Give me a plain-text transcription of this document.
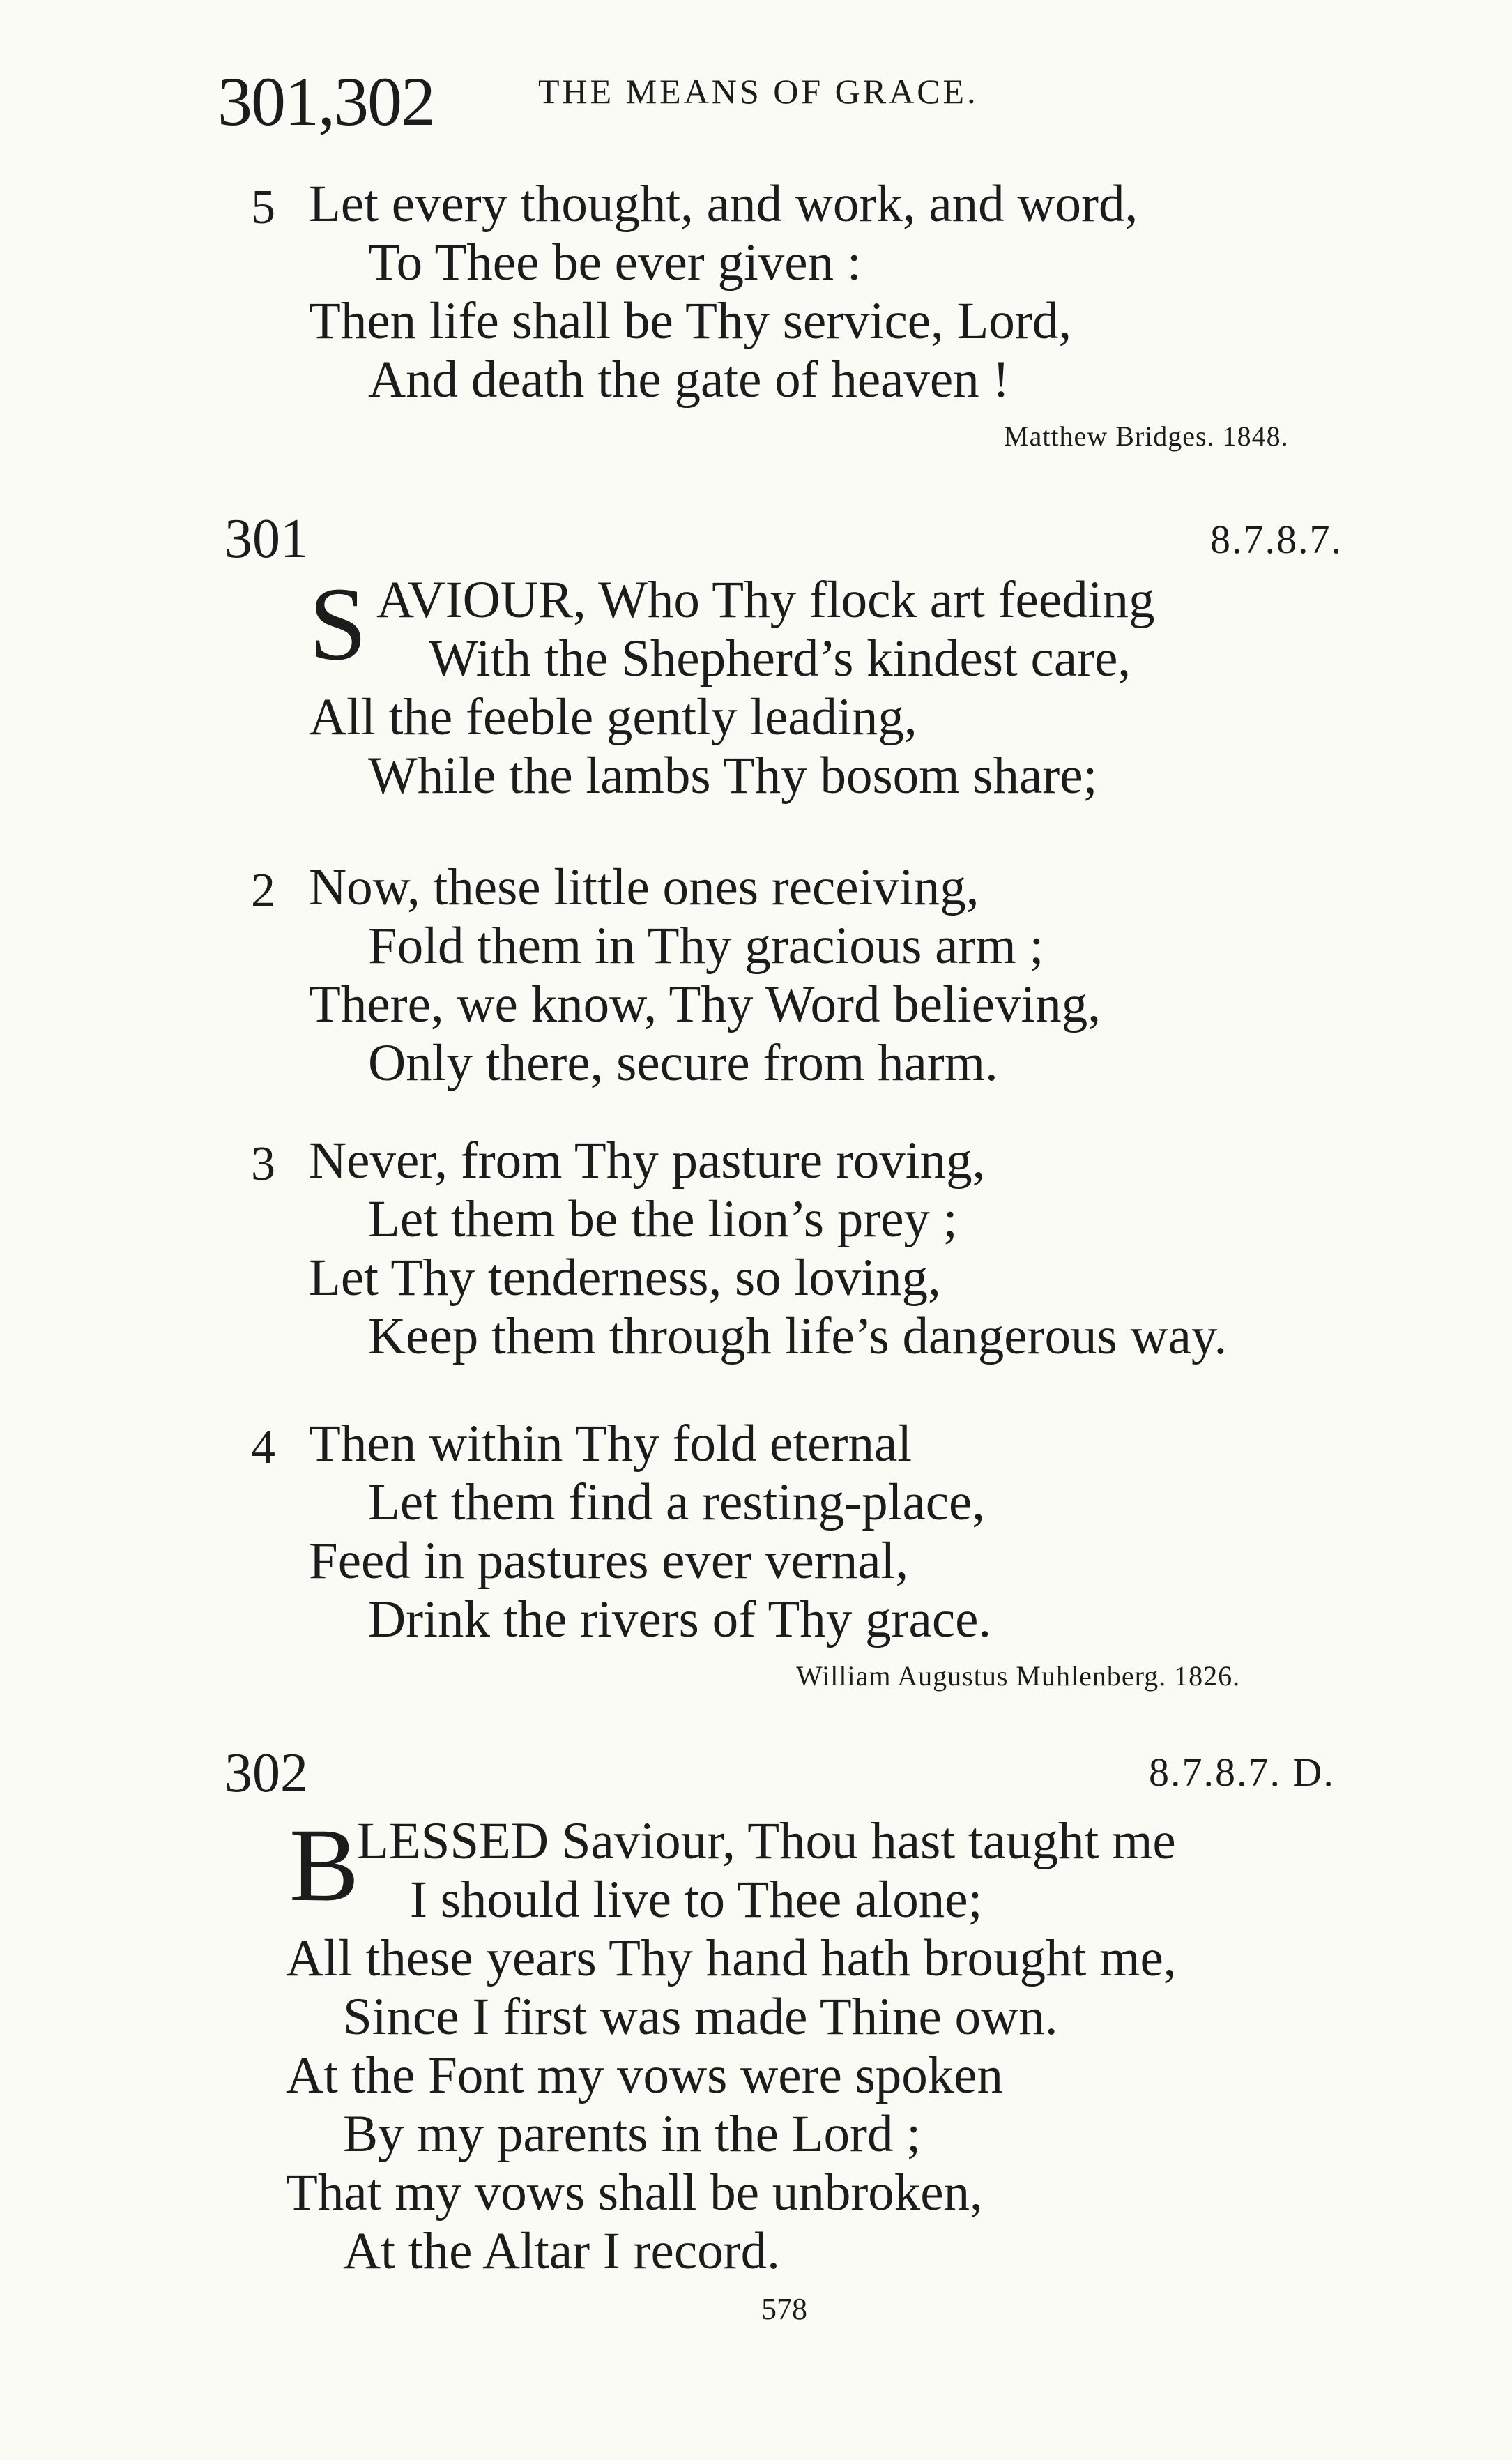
301,302	THE MEANS OF GRACE.
5 Let every thought, and work, and word,
To Thee be ever given :
Then life shall be Thy service, Lord,
And death the gate of heaven !
Matthew Bridges. 1848.
301	8.7.8.7.
S AVIOUR, Who Thy flock art feeding
With the Shepherd’s kindest care,
All the feeble gently leading,
While the lambs Thy bosom share;
2 Now, these little ones receiving,
Fold them in Thy gracious arm ;
There, we know, Thy Word believing,
Only there, secure from harm.
3 Never, from Thy pasture roving,
Let them be the lion’s prey ;
Let Thy tenderness, so loving,
Keep them through life’s dangerous way.
4 Then within Thy fold eternal
Let them find a resting-place,
Feed in pastures ever vernal,
Drink the rivers of Thy grace.
William Augustus Muhlenberg. 1826.
302	8.7.8.7. D.
B
LESSED Saviour, Thou hast taught me
I should live to Thee alone;
All these years Thy hand hath brought me,
Since I first was made Thine own.
At the Font my vows were spoken
By my parents in the Lord ;
That my vows shall be unbroken,
At the Altar I record.
578
